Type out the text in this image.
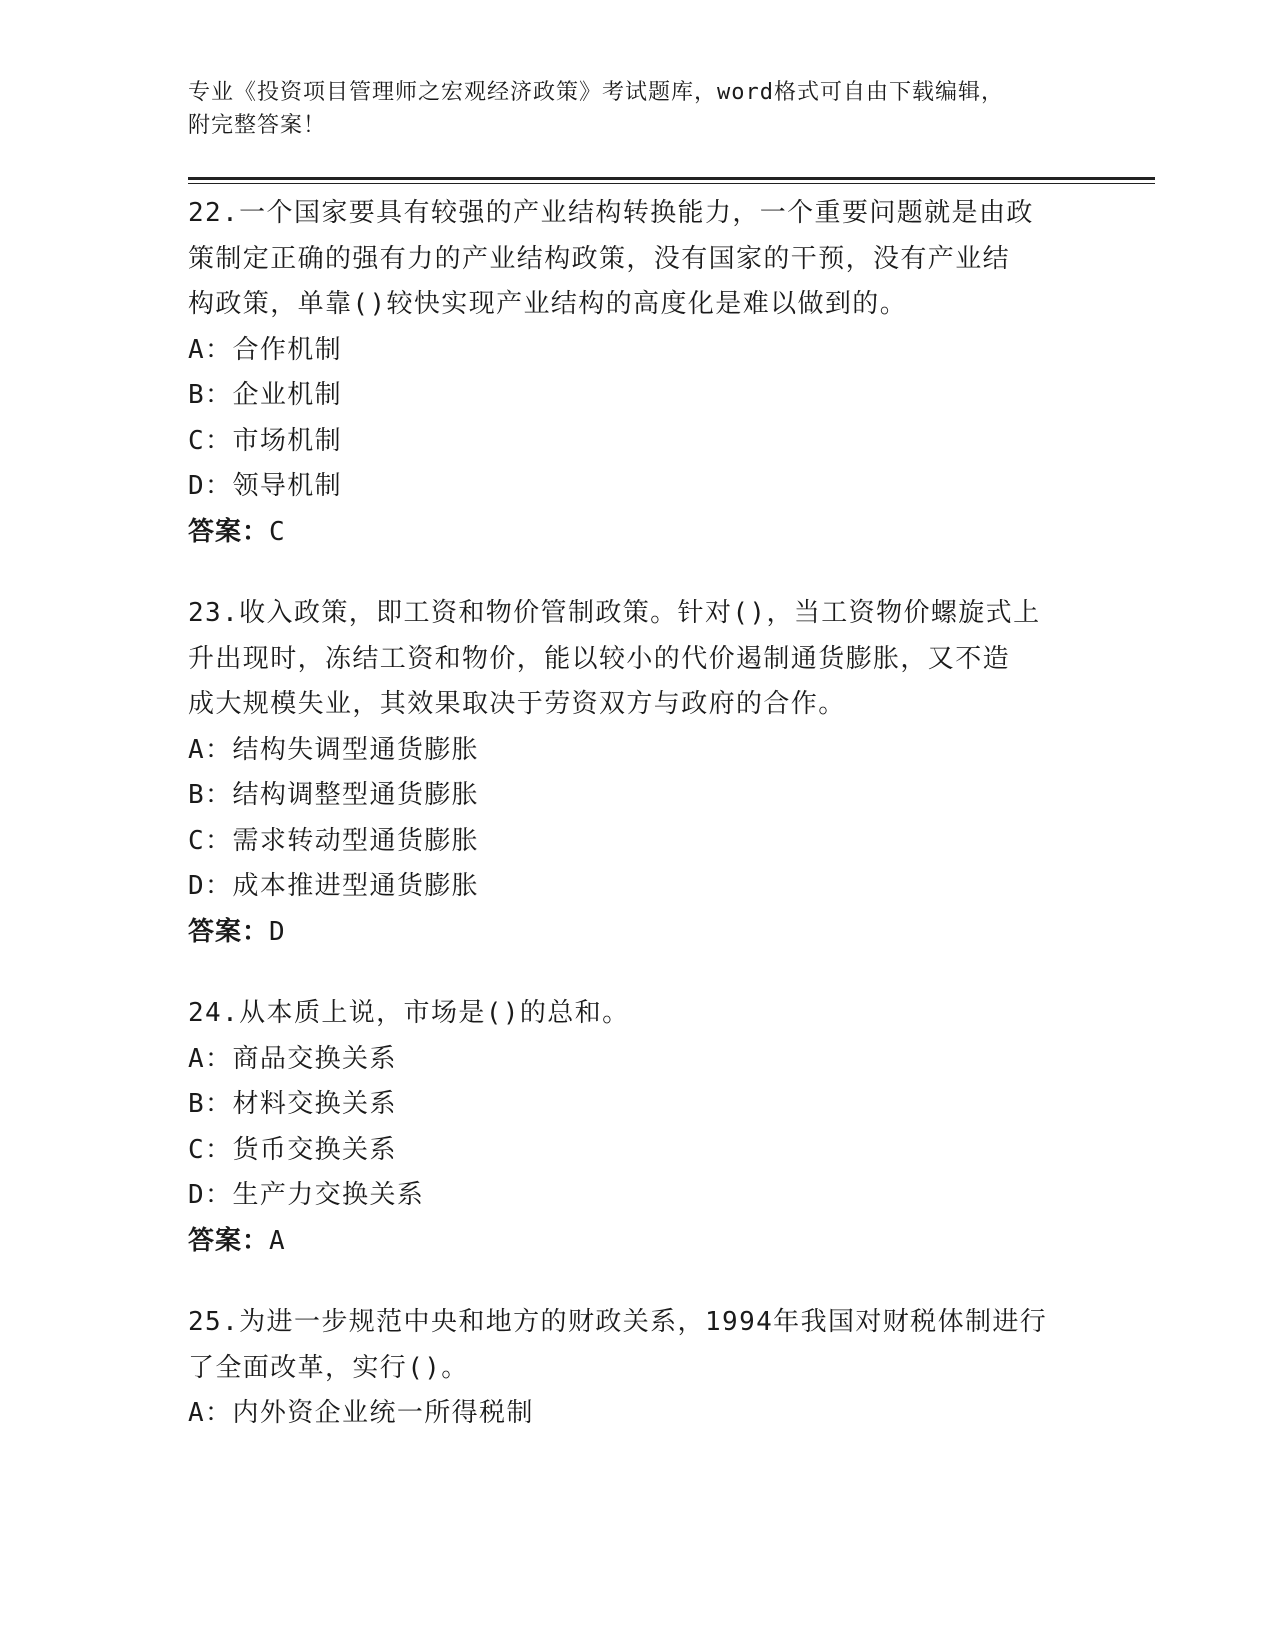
专业《投资项目管理师之宏观经济政策》考试题库，word格式可自由下载编辑，
附完整答案！

22.一个国家要具有较强的产业结构转换能力，一个重要问题就是由政

策制定正确的强有力的产业结构政策，没有国家的干预，没有产业结

构政策，单靠()较快实现产业结构的高度化是难以做到的。

A：合作机制

B：企业机制

C：市场机制

D：领导机制

答案：C

23.收入政策，即工资和物价管制政策。针对()，当工资物价螺旋式上

升出现时，冻结工资和物价，能以较小的代价遏制通货膨胀，又不造

成大规模失业，其效果取决于劳资双方与政府的合作。

A：结构失调型通货膨胀

B：结构调整型通货膨胀

C：需求转动型通货膨胀

D：成本推进型通货膨胀

答案：D

24.从本质上说，市场是()的总和。

A：商品交换关系

B：材料交换关系

C：货币交换关系

D：生产力交换关系

答案：A

25.为进一步规范中央和地方的财政关系，1994年我国对财税体制进行

了全面改革，实行()。

A：内外资企业统一所得税制
